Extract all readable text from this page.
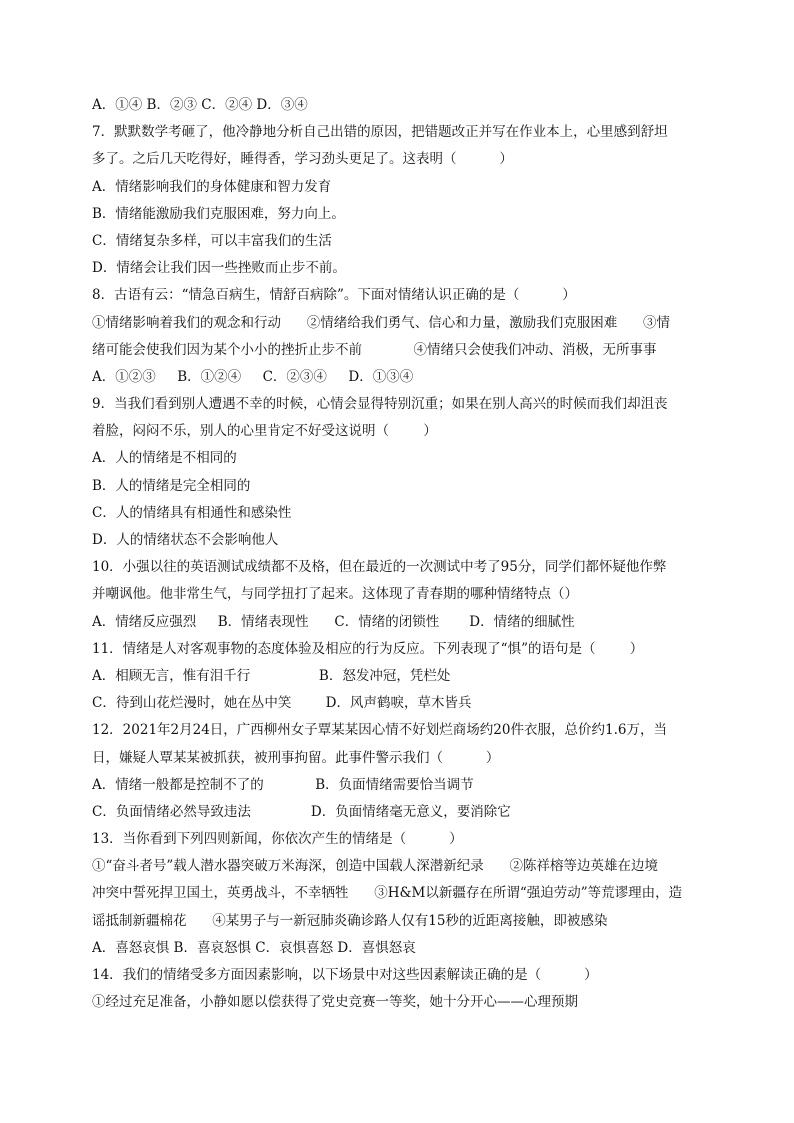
A．①④ B．②③ C．②④ D．③④
7．默默数学考砸了，他冷静地分析自己出错的原因，把错题改正并写在作业本上，心里感到舒坦
多了。之后几天吃得好，睡得香，学习劲头更足了。这表明（          ）
A．情绪影响我们的身体健康和智力发育
B．情绪能激励我们克服困难，努力向上。
C．情绪复杂多样，可以丰富我们的生活
D．情绪会让我们因一些挫败而止步不前。
8．古语有云：“情急百病生，情舒百病除”。下面对情绪认识正确的是（          ）
①情绪影响着我们的观念和行动      ②情绪给我们勇气、信心和力量，激励我们克服困难      ③情
绪可能会使我们因为某个小小的挫折止步不前            ④情绪只会使我们冲动、消极，无所事事
A．①②③     B．①②④     C．②③④     D．①③④
9．当我们看到别人遭遇不幸的时候，心情会显得特别沉重；如果在别人高兴的时候而我们却沮丧
着脸，闷闷不乐，别人的心里肯定不好受这说明（        ）
A．人的情绪是不相同的
B．人的情绪是完全相同的
C．人的情绪具有相通性和感染性
D．人的情绪状态不会影响他人
10．小强以往的英语测试成绩都不及格，但在最近的一次测试中考了95分，同学们都怀疑他作弊
并嘲讽他。他非常生气，与同学扭打了起来。这体现了青春期的哪种情绪特点（）
A．情绪反应强烈     B．情绪表现性      C．情绪的闭锁性       D．情绪的细腻性
11．情绪是人对客观事物的态度体验及相应的行为反应。下列表现了“惧”的语句是（        ）
A．相顾无言，惟有泪千行                B．怒发冲冠，凭栏处
C．待到山花烂漫时，她在丛中笑        D．风声鹤唳，草木皆兵
12．2021年2月24日，广西柳州女子覃某某因心情不好划烂商场约20件衣服，总价约1.6万，当
日，嫌疑人覃某某被抓获，被刑事拘留。此事件警示我们（          ）
A．情绪一般都是控制不了的            B．负面情绪需要恰当调节
C．负面情绪必然导致违法              D．负面情绪毫无意义，要消除它
13．当你看到下列四则新闻，你依次产生的情绪是（          ）
①“奋斗者号”载人潜水器突破万米海深，创造中国载人深潜新纪录      ②陈祥榕等边英雄在边境
冲突中誓死捍卫国土，英勇战斗，不幸牺牲      ③H&M以新疆存在所谓“强迫劳动”等荒谬理由，造
谣抵制新疆棉花      ④某男子与一新冠肺炎确诊路人仅有15秒的近距离接触，即被感染
A．喜怒哀惧 B．喜哀怒惧 C．哀惧喜怒 D．喜惧怒哀
14．我们的情绪受多方面因素影响，以下场景中对这些因素解读正确的是（          ）
①经过充足准备，小静如愿以偿获得了党史竞赛一等奖，她十分开心——心理预期
